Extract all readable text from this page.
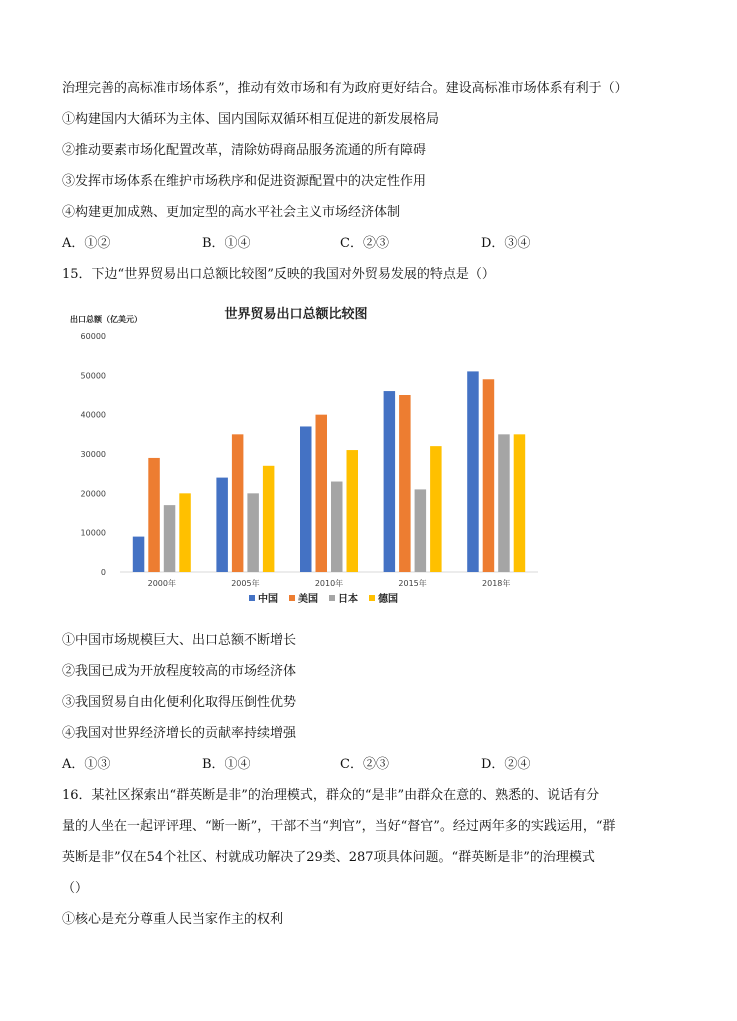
治理完善的高标准市场体系”，推动有效市场和有为政府更好结合。建设高标准市场体系有利于（）
①构建国内大循环为主体、国内国际双循环相互促进的新发展格局
②推动要素市场化配置改革，清除妨碍商品服务流通的所有障碍
③发挥市场体系在维护市场秩序和促进资源配置中的决定性作用
④构建更加成熟、更加定型的高水平社会主义市场经济体制
A．①②	B．①④	C．②③	D．③④
15．下边“世界贸易出口总额比较图”反映的我国对外贸易发展的特点是（）
出口总额（亿美元）	世界贸易出口总额比较图
0
10000
20000
30000
40000
50000
60000
2000年	2005年	2010年	2015年	2018年
中国 美国 日本 德国
①中国市场规模巨大、出口总额不断增长
②我国已成为开放程度较高的市场经济体
③我国贸易自由化便利化取得压倒性优势
④我国对世界经济增长的贡献率持续增强
A．①③	B．①④	C．②③	D．②④
16．某社区探索出“群英断是非”的治理模式，群众的“是非”由群众在意的、熟悉的、说话有分
量的人坐在一起评评理、“断一断”，干部不当“判官”，当好“督官”。经过两年多的实践运用，“群
英断是非”仅在54个社区、村就成功解决了29类、287项具体问题。“群英断是非”的治理模式
（）
①核心是充分尊重人民当家作主的权利
